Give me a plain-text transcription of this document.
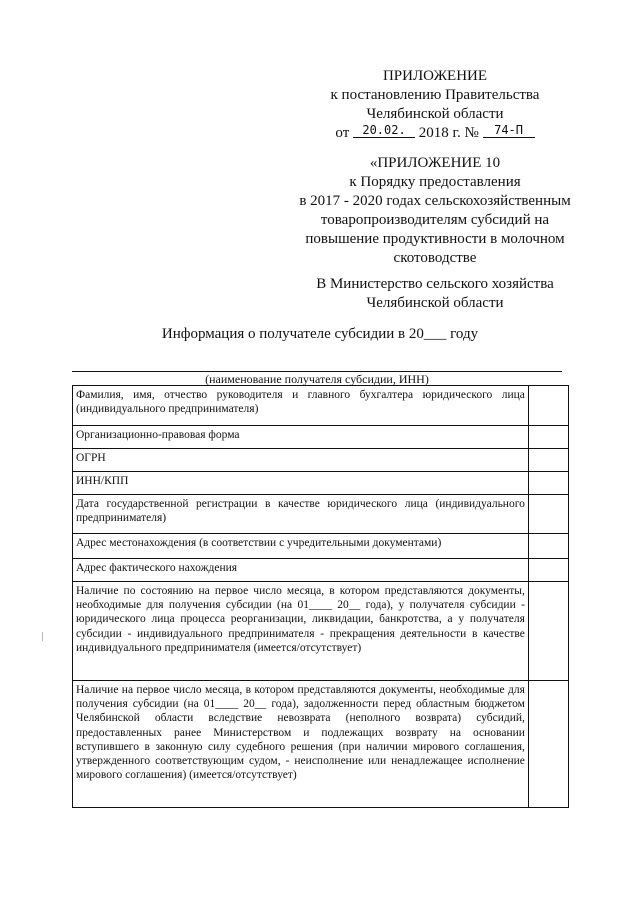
ПРИЛОЖЕНИЕ
к постановлению Правительства
Челябинской области
от 20.02. 2018 г. № 74-П
«ПРИЛОЖЕНИЕ 10
к Порядку предоставления
в 2017 - 2020 годах сельскохозяйственным
товаропроизводителям субсидий на
повышение продуктивности в молочном
скотоводстве
В Министерство сельского хозяйства
Челябинской области
Информация о получателе субсидии в 20___ году
(наименование получателя субсидии, ИНН)
Фамилия, имя, отчество руководителя и главного бухгалтера юридического лица (индивидуального предпринимателя)	
Организационно-правовая форма	
ОГРН	
ИНН/КПП	
Дата государственной регистрации в качестве юридического лица (индивидуального предпринимателя)	
Адрес местонахождения (в соответствии с учредительными документами)	
Адрес фактического нахождения	
Наличие по состоянию на первое число месяца, в котором представляются документы, необходимые для получения субсидии (на 01____ 20__ года), у получателя субсидии - юридического лица процесса реорганизации, ликвидации, банкротства, а у получателя субсидии - индивидуального предпринимателя - прекращения деятельности в качестве индивидуального предпринимателя (имеется/отсутствует)	
Наличие на первое число месяца, в котором представляются документы, необходимые для получения субсидии (на 01____ 20__ года), задолженности перед областным бюджетом Челябинской области вследствие невозврата (неполного возврата) субсидий, предоставленных ранее Министерством и подлежащих возврату на основании вступившего в законную силу судебного решения (при наличии мирового соглашения, утвержденного соответствующим судом, - неисполнение или ненадлежащее исполнение мирового соглашения) (имеется/отсутствует)	
